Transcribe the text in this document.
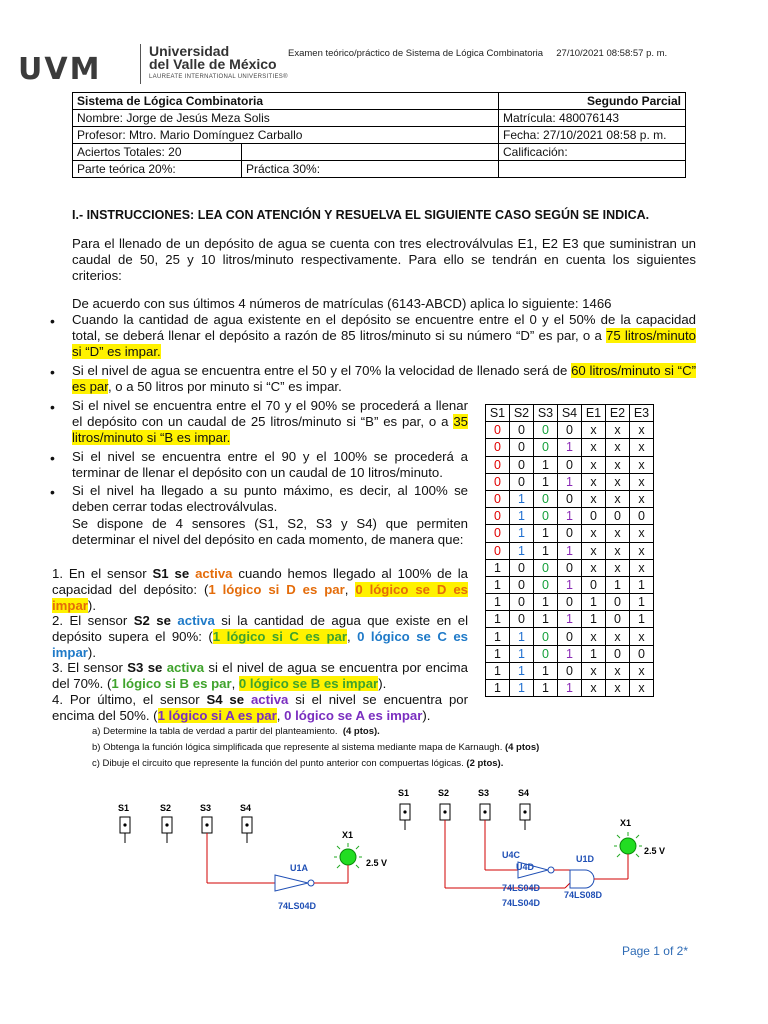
UVM
Universidad
del Valle de México
LAUREATE INTERNATIONAL UNIVERSITIES®
Examen teórico/práctico de Sistema de Lógica Combinatoria 27/10/2021 08:58:57 p. m.
Sistema de Lógica Combinatoria		Segundo Parcial
Nombre: Jorge de Jesús Meza Solis		Matrícula: 480076143
Profesor: Mtro. Mario Domínguez Carballo		Fecha: 27/10/2021 08:58 p. m.
Aciertos Totales: 20		Calificación:
Parte teórica 20%:	Práctica 30%:	
I.- INSTRUCCIONES: LEA CON ATENCIÓN Y RESUELVA EL SIGUIENTE CASO SEGÚN SE INDICA.
Para el llenado de un depósito de agua se cuenta con tres electroválvulas E1, E2 E3 que suministran un caudal de 50, 25 y 10 litros/minuto respectivamente. Para ello se tendrán en cuenta los siguientes criterios:
De acuerdo con sus últimos 4 números de matrículas (6143-ABCD) aplica lo siguiente: 1466
• Cuando la cantidad de agua existente en el depósito se encuentre entre el 0 y el 50% de la capacidad total, se deberá llenar el depósito a razón de 85 litros/minuto si su número “D” es par, o a 75 litros/minuto si “D” es impar.
• Si el nivel de agua se encuentra entre el 50 y el 70% la velocidad de llenado será de 60 litros/minuto si “C” es par, o a 50 litros por minuto si “C” es impar.
• Si el nivel se encuentra entre el 70 y el 90% se procederá a llenar el depósito con un caudal de 25 litros/minuto si “B” es par, o a 35 litros/minuto si “B es impar.
• Si el nivel se encuentra entre el 90 y el 100% se procederá a terminar de llenar el depósito con un caudal de 10 litros/minuto.
• Si el nivel ha llegado a su punto máximo, es decir, al 100% se deben cerrar todas electroválvulas.
Se dispone de 4 sensores (S1, S2, S3 y S4) que permiten determinar el nivel del depósito en cada momento, de manera que:
1. En el sensor S1 se activa cuando hemos llegado al 100% de la capacidad del depósito: (1 lógico si D es par, 0 lógico se D es impar).
2. El sensor S2 se activa si la cantidad de agua que existe en el depósito supera el 90%: (1 lógico si C es par, 0 lógico se C es impar).
3. El sensor S3 se activa si el nivel de agua se encuentra por encima del 70%. (1 lógico si B es par, 0 lógico se B es impar).
4. Por último, el sensor S4 se activa si el nivel se encuentra por encima del 50%. (1 lógico si A es par, 0 lógico se A es impar).
a) Determine la tabla de verdad a partir del planteamiento. (4 ptos).
b) Obtenga la función lógica simplificada que represente al sistema mediante mapa de Karnaugh. (4 ptos)
c) Dibuje el circuito que represente la función del punto anterior con compuertas lógicas. (2 ptos).
S1	S2	S3	S4	E1	E2	E3
0	0	0	0	x	x	x
0	0	0	1	x	x	x
0	0	1	0	x	x	x
0	0	1	1	x	x	x
0	1	0	0	x	x	x
0	1	0	1	0	0	0
0	1	1	0	x	x	x
0	1	1	1	x	x	x
1	0	0	0	x	x	x
1	0	0	1	0	1	1
1	0	1	0	1	0	1
1	0	1	1	1	0	1
1	1	0	0	x	x	x
1	1	0	1	1	0	0
1	1	1	0	x	x	x
1	1	1	1	x	x	x
S1	S2	S3	S4
U1A
74LS04D
X1
2.5 V
S1	S2	S3	S4
U4C
U4D
74LS04D
74LS04D
U1D
74LS08D
X1
2.5 V
Page 1 of 2*
